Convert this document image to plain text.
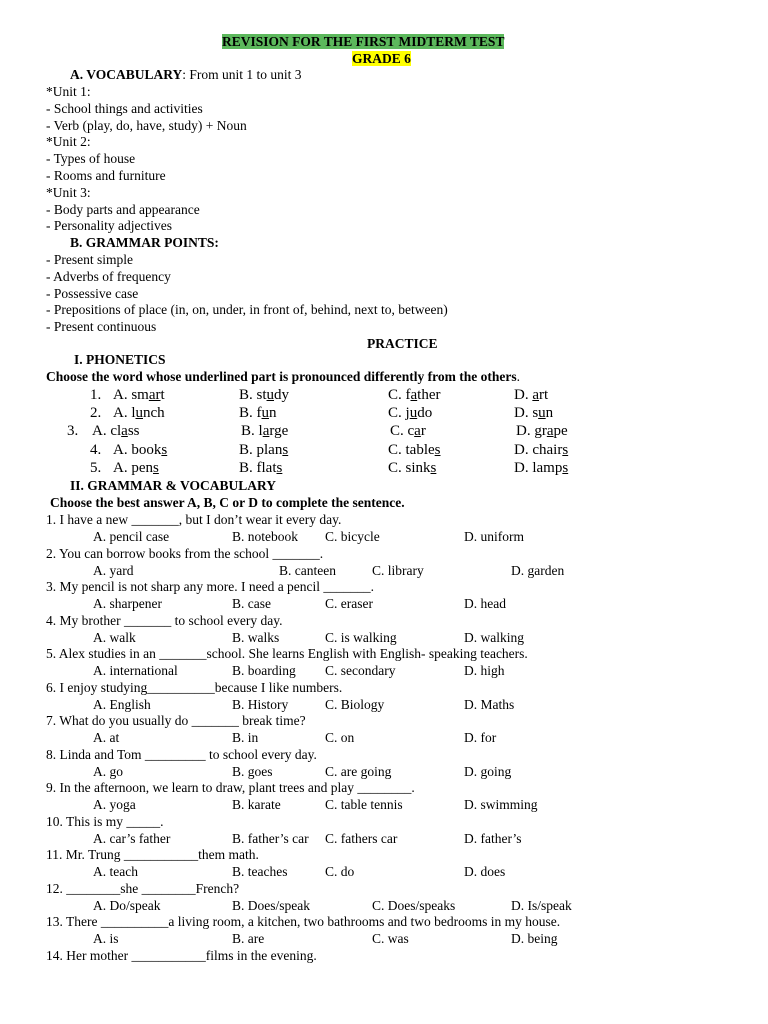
REVISION FOR THE FIRST MIDTERM TEST
GRADE 6
A. VOCABULARY: From unit 1 to unit 3
*Unit 1:
- School things and activities
- Verb (play, do, have, study) + Noun
*Unit 2:
- Types of house
- Rooms and furniture
*Unit 3:
- Body parts and appearance
- Personality adjectives
B. GRAMMAR POINTS:
- Present simple
- Adverbs of frequency
- Possessive case
- Prepositions of place (in, on, under, in front of, behind, next to, between)
- Present continuous
PRACTICE
I. PHONETICS
Choose the word whose underlined part is pronounced differently from the others.
1. A. smart	B. study	C. father	D. art
2. A. lunch	B. fun	C. judo	D. sun
3. A. class	B. large	C. car	D. grape
4. A. books	B. plans	C. tables	D. chairs
5. A. pens	B. flats	C. sinks	D. lamps
II. GRAMMAR & VOCABULARY
Choose the best answer A, B, C or D to complete the sentence.
1. I have a new _______, but I don’t wear it every day.
A. pencil case	B. notebook C. bicycle	D. uniform
2. You can borrow books from the school _______.
A. yard	B. canteen	C. library	D. garden
3. My pencil is not sharp any more. I need a pencil _______.
A. sharpener	B. case	C. eraser	D. head
4. My brother _______ to school every day.
A. walk	B. walks	C. is walking	D. walking
5. Alex studies in an _______school. She learns English with English- speaking teachers.
A. international	B. boarding C. secondary	D. high
6. I enjoy studying__________because I like numbers.
A. English	B. History	C. Biology	D. Maths
7. What do you usually do _______ break time?
A. at	B. in	C. on	D. for
8. Linda and Tom _________ to school every day.
A. go	B. goes	C. are going	D. going
9. In the afternoon, we learn to draw, plant trees and play ________.
A. yoga	B. karate	C. table tennis	D. swimming
10. This is my _____.
A. car’s father	B. father’s car C. fathers car	D. father’s
11. Mr. Trung ___________them math.
A. teach	B. teaches	C. do	D. does
12. ________she ________French?
A. Do/speak	B. Does/speak	C. Does/speaks	D. Is/speak
13. There __________a living room, a kitchen, two bathrooms and two bedrooms in my house.
A. is	B. are	C. was	D. being
14. Her mother ___________films in the evening.
